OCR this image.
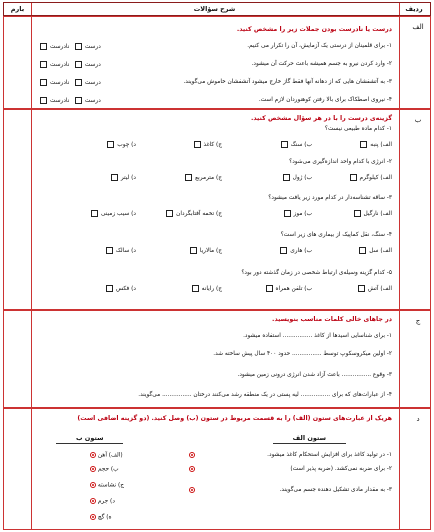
ردیف
شرح سؤالات
بارم
الف
درست یا نادرست بودن جملات زیر را مشخص کنید.
۱- برای قلمینان از درستی یک آزمایش، آن را تکرار می کنیم.
۲- وارد کردن نیرو به جسم همیشه باعث حرکت آن میشود.
۳- به آتشفشان هایی که از دهانه آنها فقط گاز خارج میشود آتشفشان خاموش می‌گویند.
۴- نیروی اصطکاک برای بالا رفتن کوهنوردان لازم است.
درست   نادرست
درست   نادرست
درست   نادرست
درست   نادرست
ب
گزینه‌ی درست را با در هر سؤال مشخص کنید.
۱- کدام ماده طبیعی نیست؟
الف) پنبه
ب) سنگ
ج) کاغذ
د) چوب
۲- انرژی با کدام واحد اندازه‌گیری می‌شود؟
الف) کیلوگرم
ب) ژول
ج) مترمربع
د) لیتر
۳- ساقه تشناسه‌دار در کدام مورد زیر یافت میشود؟
الف) نارگیل
ب) موز
ج) تخمه آفتابگردان
د) سیب زمینی
۴- سنگ، نقل کماپیک از بیماری های زیر است؟
الف) سل
ب) هاری
ج) مالاریا
د) سالک
۵- کدام گزینه وسیله‌ی ارتباط شخصی در زمان گذشته دور بود؟
الف) آتش
ب) تلفن همراه
ج) رایانه
د) فکس
ج
در جاهای خالی کلمات مناسب بنویسید.
۱- برای شناسایی اسیدها از کاغذ ................ استفاده میشود.
۲- اولین میکروسکوپ توسط ................ حدود ۴۰۰ سال پیش ساخته شد.
۳- وقوع ................ باعث آزاد شدن انرژی درونی زمین میشود.
۴- از عبارات‌های که برای ................ لیه پستی در یک منطقه رشد می‌کنند درختان ................ می‌گویند.
د
هریک از عبارت‌های ستون (الف) را به قسمت مربوط در ستون (ب) وصل کنید. (دو گزینه اضافی است)
ستون الف
ستون ب
۱- در تولید کاغذ برای افزایش استحکام کاغذ میشود.
۲- برای ضربه نمی‌کشد. (ضربه پذیر است)
۳- به مقدار مادی تشکیل دهنده جسم می‌گویند.
(الف) آهن
ب) حجم
ج) نشاسته
د) جرم
ه) گچ
